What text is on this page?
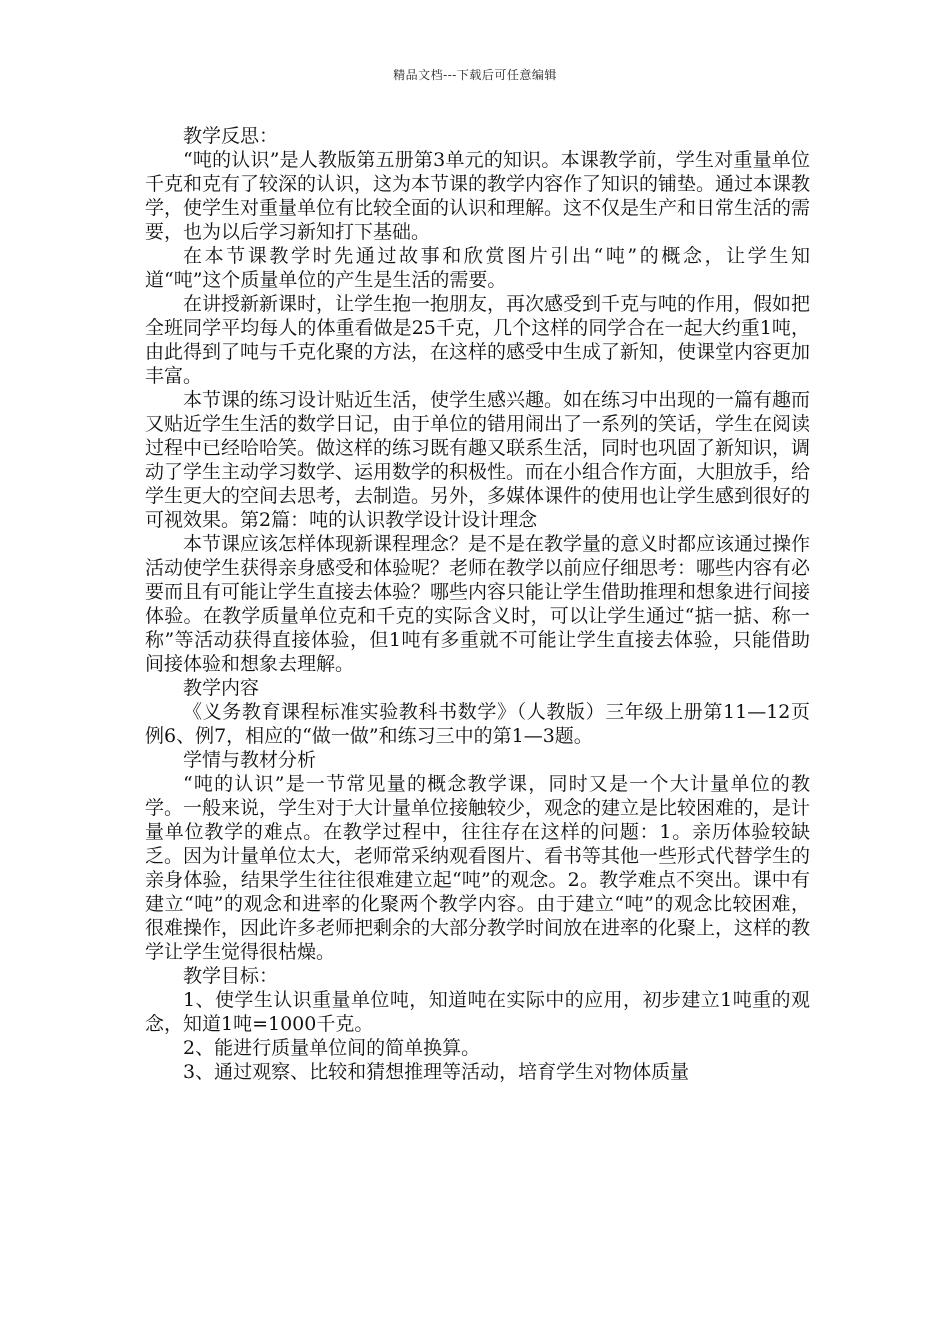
精品文档---下载后可任意编辑

教学反思：

“吨的认识”是人教版第五册第3单元的知识。本课教学前，学生对重量单位千克和克有了较深的认识，这为本节课的教学内容作了知识的铺垫。通过本课教学，使学生对重量单位有比较全面的认识和理解。这不仅是生产和日常生活的需要，也为以后学习新知打下基础。

在本节课教学时先通过故事和欣赏图片引出“吨”的概念，让学生知道“吨”这个质量单位的产生是生活的需要。

在讲授新新课时，让学生抱一抱朋友，再次感受到千克与吨的作用，假如把全班同学平均每人的体重看做是25千克，几个这样的同学合在一起大约重1吨，由此得到了吨与千克化聚的方法，在这样的感受中生成了新知，使课堂内容更加丰富。

本节课的练习设计贴近生活，使学生感兴趣。如在练习中出现的一篇有趣而又贴近学生生活的数学日记，由于单位的错用闹出了一系列的笑话，学生在阅读过程中已经哈哈笑。做这样的练习既有趣又联系生活，同时也巩固了新知识，调动了学生主动学习数学、运用数学的积极性。而在小组合作方面，大胆放手，给学生更大的空间去思考，去制造。另外，多媒体课件的使用也让学生感到很好的可视效果。第2篇：吨的认识教学设计设计理念

本节课应该怎样体现新课程理念？是不是在教学量的意义时都应该通过操作活动使学生获得亲身感受和体验呢？老师在教学以前应仔细思考：哪些内容有必要而且有可能让学生直接去体验？哪些内容只能让学生借助推理和想象进行间接体验。在教学质量单位克和千克的实际含义时，可以让学生通过“掂一掂、称一称”等活动获得直接体验，但1吨有多重就不可能让学生直接去体验，只能借助间接体验和想象去理解。

教学内容

《义务教育课程标准实验教科书数学》（人教版）三年级上册第11—12页例6、例7，相应的“做一做”和练习三中的第1—3题。

学情与教材分析

“吨的认识”是一节常见量的概念教学课，同时又是一个大计量单位的教学。一般来说，学生对于大计量单位接触较少，观念的建立是比较困难的，是计量单位教学的难点。在教学过程中，往往存在这样的问题：1。亲历体验较缺乏。因为计量单位太大，老师常采纳观看图片、看书等其他一些形式代替学生的亲身体验，结果学生往往很难建立起“吨”的观念。2。教学难点不突出。课中有建立“吨”的观念和进率的化聚两个教学内容。由于建立“吨”的观念比较困难，很难操作，因此许多老师把剩余的大部分教学时间放在进率的化聚上，这样的教学让学生觉得很枯燥。

教学目标：

1、使学生认识重量单位吨，知道吨在实际中的应用，初步建立1吨重的观念，知道1吨=1000千克。

2、能进行质量单位间的简单换算。

3、通过观察、比较和猜想推理等活动，培育学生对物体质量
